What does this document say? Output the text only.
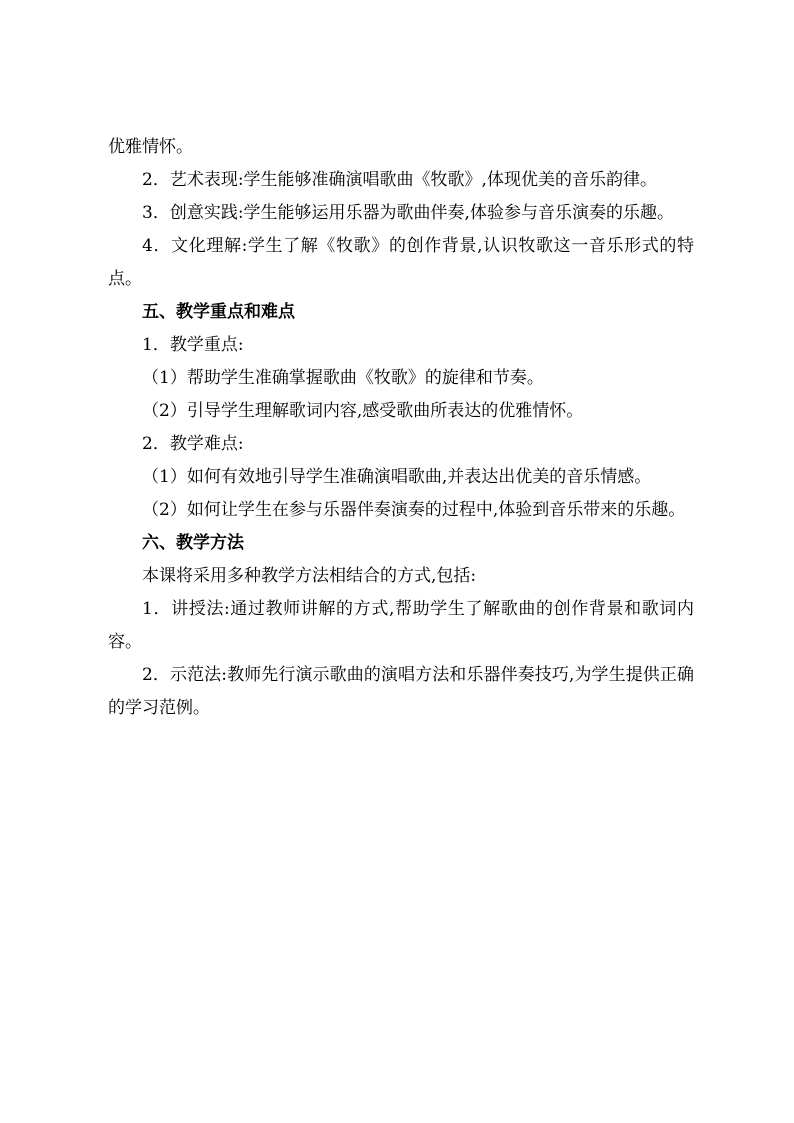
优雅情怀。

2．艺术表现:学生能够准确演唱歌曲《牧歌》,体现优美的音乐韵律。

3．创意实践:学生能够运用乐器为歌曲伴奏,体验参与音乐演奏的乐趣。

4．文化理解:学生了解《牧歌》的创作背景,认识牧歌这一音乐形式的特点。

五、教学重点和难点

1．教学重点:

（1）帮助学生准确掌握歌曲《牧歌》的旋律和节奏。

（2）引导学生理解歌词内容,感受歌曲所表达的优雅情怀。

2．教学难点:

（1）如何有效地引导学生准确演唱歌曲,并表达出优美的音乐情感。

（2）如何让学生在参与乐器伴奏演奏的过程中,体验到音乐带来的乐趣。

六、教学方法

本课将采用多种教学方法相结合的方式,包括:

1．讲授法:通过教师讲解的方式,帮助学生了解歌曲的创作背景和歌词内容。

2．示范法:教师先行演示歌曲的演唱方法和乐器伴奏技巧,为学生提供正确的学习范例。
